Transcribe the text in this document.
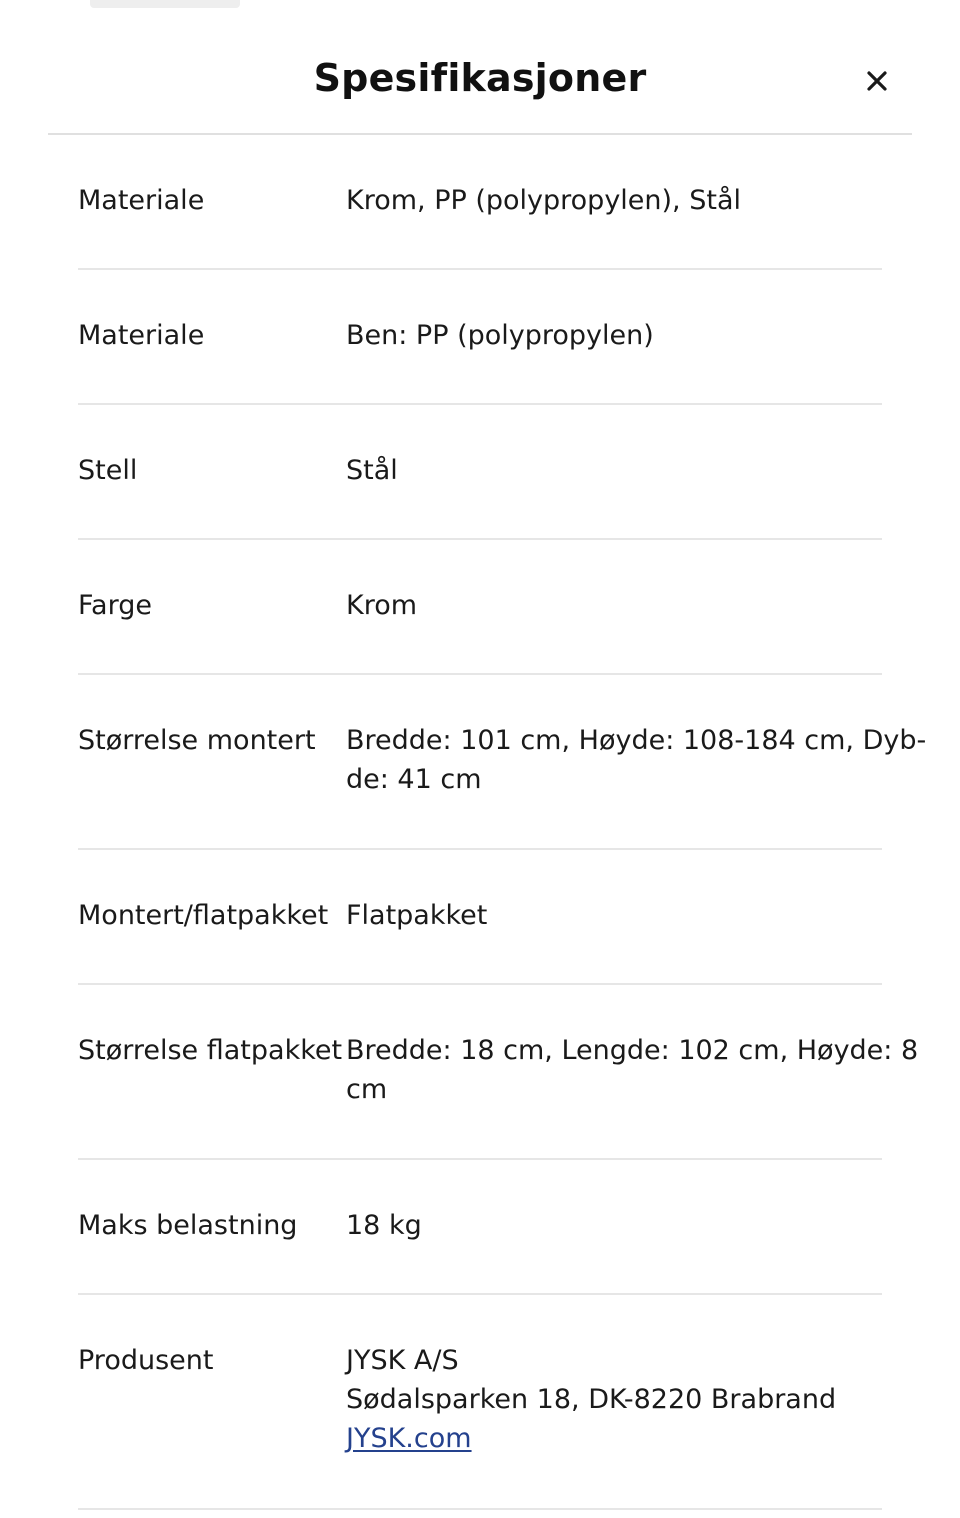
Spesifikasjoner
Materiale	Krom, PP (polypropylen), Stål
Materiale	Ben: PP (polypropylen)
Stell	Stål
Farge	Krom
Størrelse montert	Bredde: 101 cm, Høyde: 108-184 cm, Dyb-
de: 41 cm
Montert/flatpakket Flatpakket
Størrelse flatpakket Bredde: 18 cm, Lengde: 102 cm, Høyde: 8
cm
Maks belastning	18 kg
Produsent	JYSK A/S
Sødalsparken 18, DK-8220 Brabrand
JYSK.com
